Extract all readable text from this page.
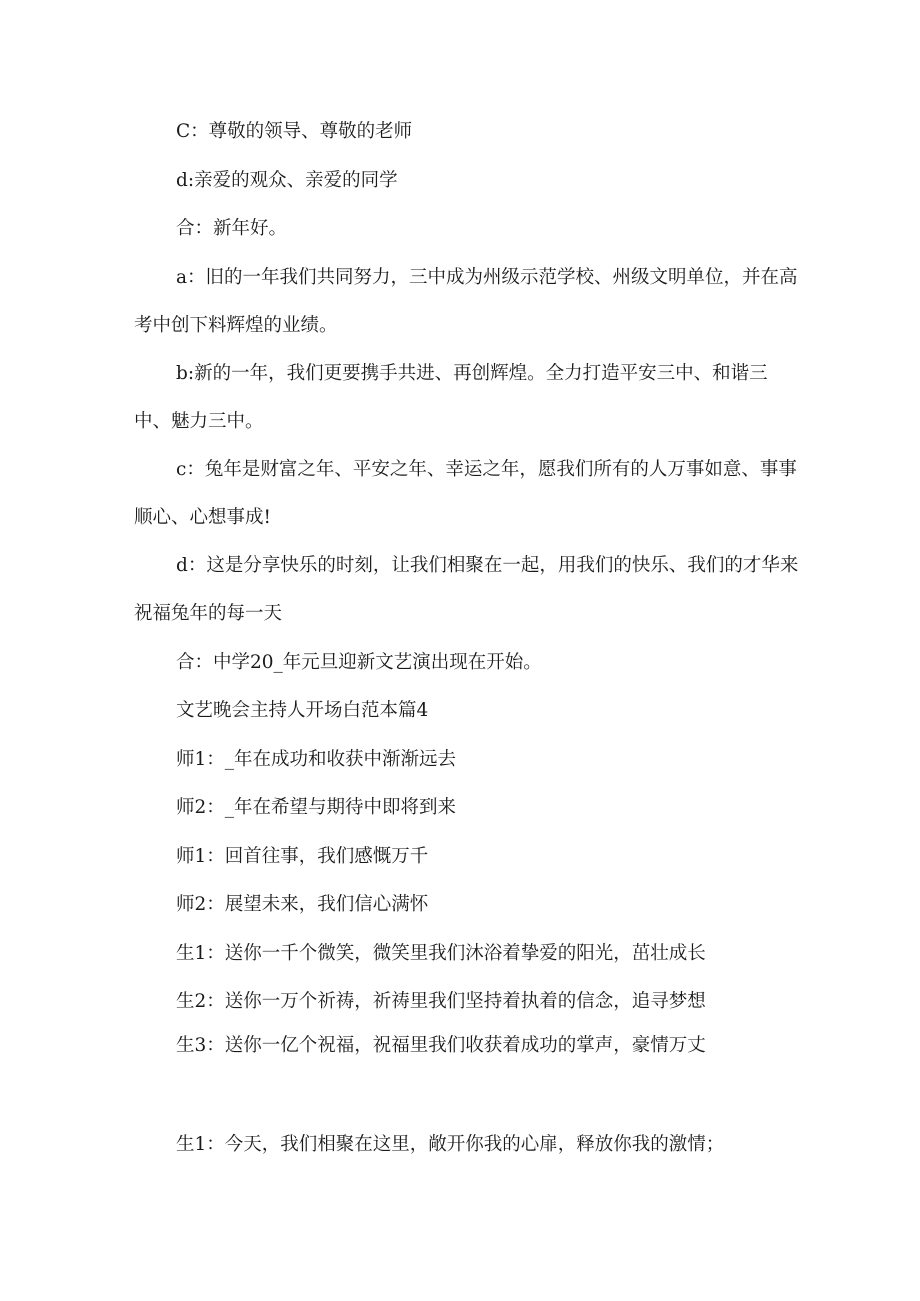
C：尊敬的领导、尊敬的老师

d:亲爱的观众、亲爱的同学

合：新年好。

a：旧的一年我们共同努力，三中成为州级示范学校、州级文明单位，并在高考中创下料辉煌的业绩。

b:新的一年，我们更要携手共进、再创辉煌。全力打造平安三中、和谐三中、魅力三中。

c：兔年是财富之年、平安之年、幸运之年，愿我们所有的人万事如意、事事顺心、心想事成!

d：这是分享快乐的时刻，让我们相聚在一起，用我们的快乐、我们的才华来祝福兔年的每一天

合：中学20_年元旦迎新文艺演出现在开始。

文艺晚会主持人开场白范本篇4

师1：_年在成功和收获中渐渐远去

师2：_年在希望与期待中即将到来

师1：回首往事，我们感慨万千

师2：展望未来，我们信心满怀

生1：送你一千个微笑，微笑里我们沐浴着挚爱的阳光，茁壮成长

生2：送你一万个祈祷，祈祷里我们坚持着执着的信念，追寻梦想

生3：送你一亿个祝福，祝福里我们收获着成功的掌声，豪情万丈

生1：今天，我们相聚在这里，敞开你我的心扉，释放你我的激情；
